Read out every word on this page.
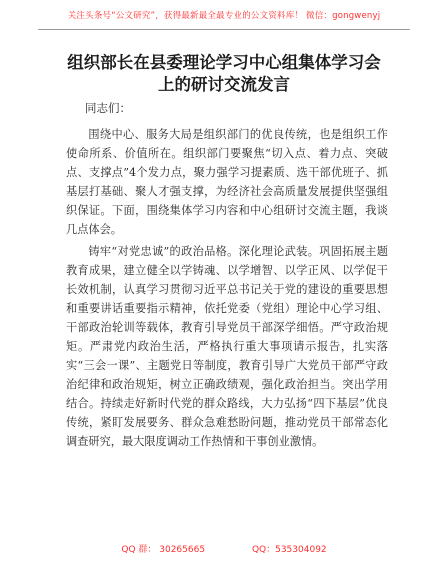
关注头条号“公文研究”，获得最新最全最专业的公文资料库！ 微信：gongwenyj
组织部长在县委理论学习中心组集体学习会上的研讨交流发言
同志们：

围绕中心、服务大局是组织部门的优良传统，也是组织工作使命所系、价值所在。组织部门要聚焦“切入点、着力点、突破点、支撑点”4个发力点，聚力强学习提素质、选干部优班子、抓基层打基础、聚人才强支撑，为经济社会高质量发展提供坚强组织保证。下面，围绕集体学习内容和中心组研讨交流主题，我谈几点体会。

铸牢“对党忠诚”的政治品格。深化理论武装。巩固拓展主题教育成果，建立健全以学铸魂、以学增智、以学正风、以学促干长效机制，认真学习贯彻习近平总书记关于党的建设的重要思想和重要讲话重要指示精神，依托党委（党组）理论中心学习组、干部政治轮训等载体，教育引导党员干部深学细悟。严守政治规矩。严肃党内政治生活，严格执行重大事项请示报告，扎实落实“三会一课”、主题党日等制度，教育引导广大党员干部严守政治纪律和政治规矩，树立正确政绩观，强化政治担当。突出学用结合。持续走好新时代党的群众路线，大力弘扬“四下基层”优良传统，紧盯发展要务、群众急难愁盼问题，推动党员干部常态化调查研究，最大限度调动工作热情和干事创业激情。

QQ 群： 30265665	QQ：535304092
